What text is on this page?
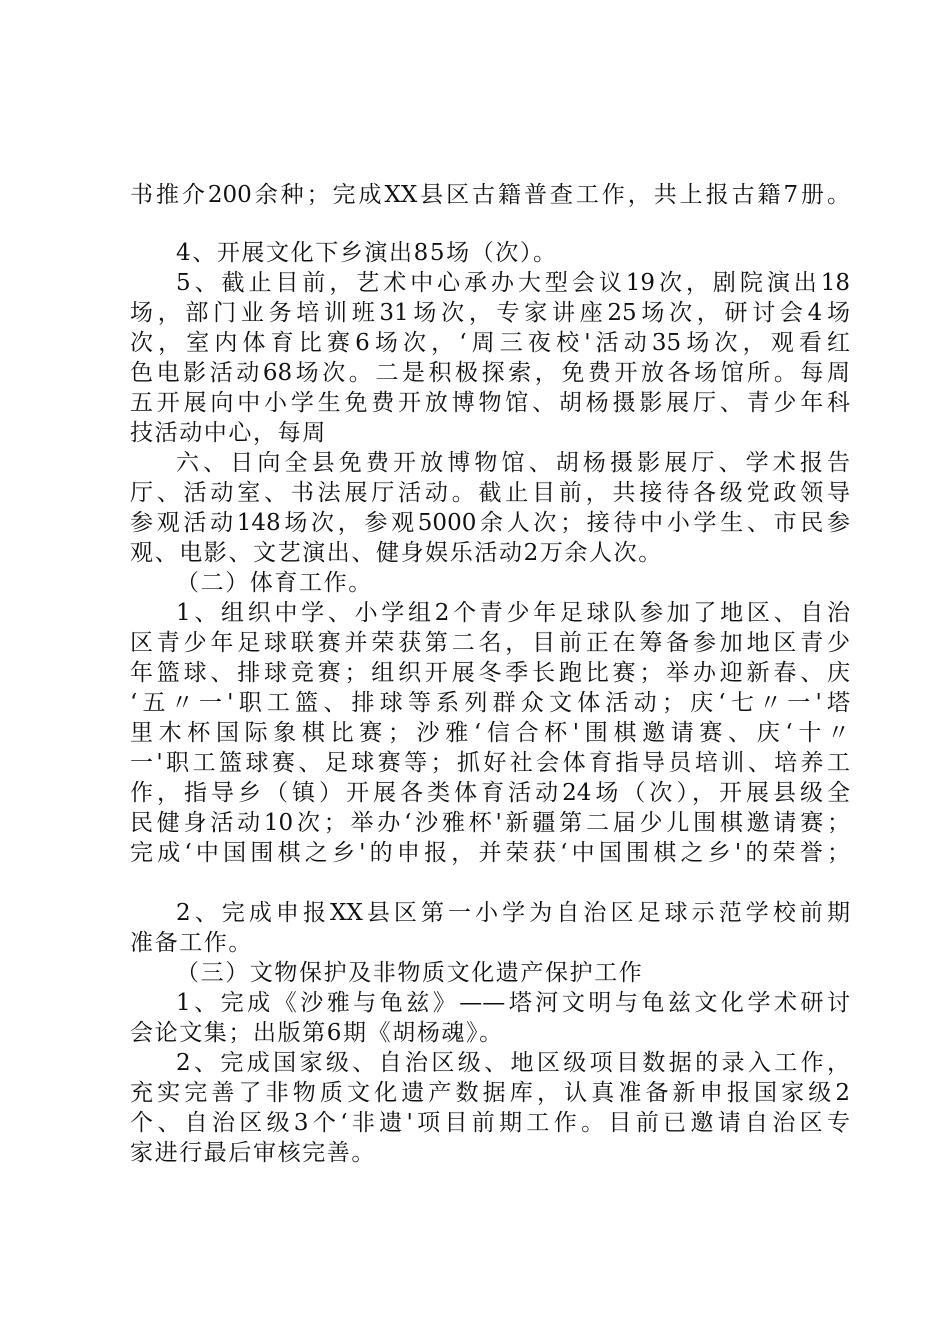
书推介200余种；完成XX县区古籍普查工作，共上报古籍7册。
4、开展文化下乡演出85场（次）。
5、截止目前，艺术中心承办大型会议19次，剧院演出18
场，部门业务培训班31场次，专家讲座25场次，研讨会4场
次，室内体育比赛6场次，‘周三夜校'活动35场次，观看红
色电影活动68场次。二是积极探索，免费开放各场馆所。每周
五开展向中小学生免费开放博物馆、胡杨摄影展厅、青少年科
技活动中心，每周
六、日向全县免费开放博物馆、胡杨摄影展厅、学术报告
厅、活动室、书法展厅活动。截止目前，共接待各级党政领导
参观活动148场次，参观5000余人次；接待中小学生、市民参
观、电影、文艺演出、健身娱乐活动2万余人次。
（二）体育工作。
1、组织中学、小学组2个青少年足球队参加了地区、自治
区青少年足球联赛并荣获第二名，目前正在筹备参加地区青少
年篮球、排球竞赛；组织开展冬季长跑比赛；举办迎新春、庆
‘五〃一'职工篮、排球等系列群众文体活动；庆‘七〃一'塔
里木杯国际象棋比赛；沙雅‘信合杯'围棋邀请赛、庆‘十〃
一'职工篮球赛、足球赛等；抓好社会体育指导员培训、培养工
作，指导乡（镇）开展各类体育活动24场（次），开展县级全
民健身活动10次；举办‘沙雅杯'新疆第二届少儿围棋邀请赛；
完成‘中国围棋之乡'的申报，并荣获‘中国围棋之乡'的荣誉；
2、完成申报XX县区第一小学为自治区足球示范学校前期
准备工作。
（三）文物保护及非物质文化遗产保护工作
1、完成《沙雅与龟兹》——塔河文明与龟兹文化学术研讨
会论文集；出版第6期《胡杨魂》。
2、完成国家级、自治区级、地区级项目数据的录入工作，
充实完善了非物质文化遗产数据库，认真准备新申报国家级2
个、自治区级3个‘非遗'项目前期工作。目前已邀请自治区专
家进行最后审核完善。
